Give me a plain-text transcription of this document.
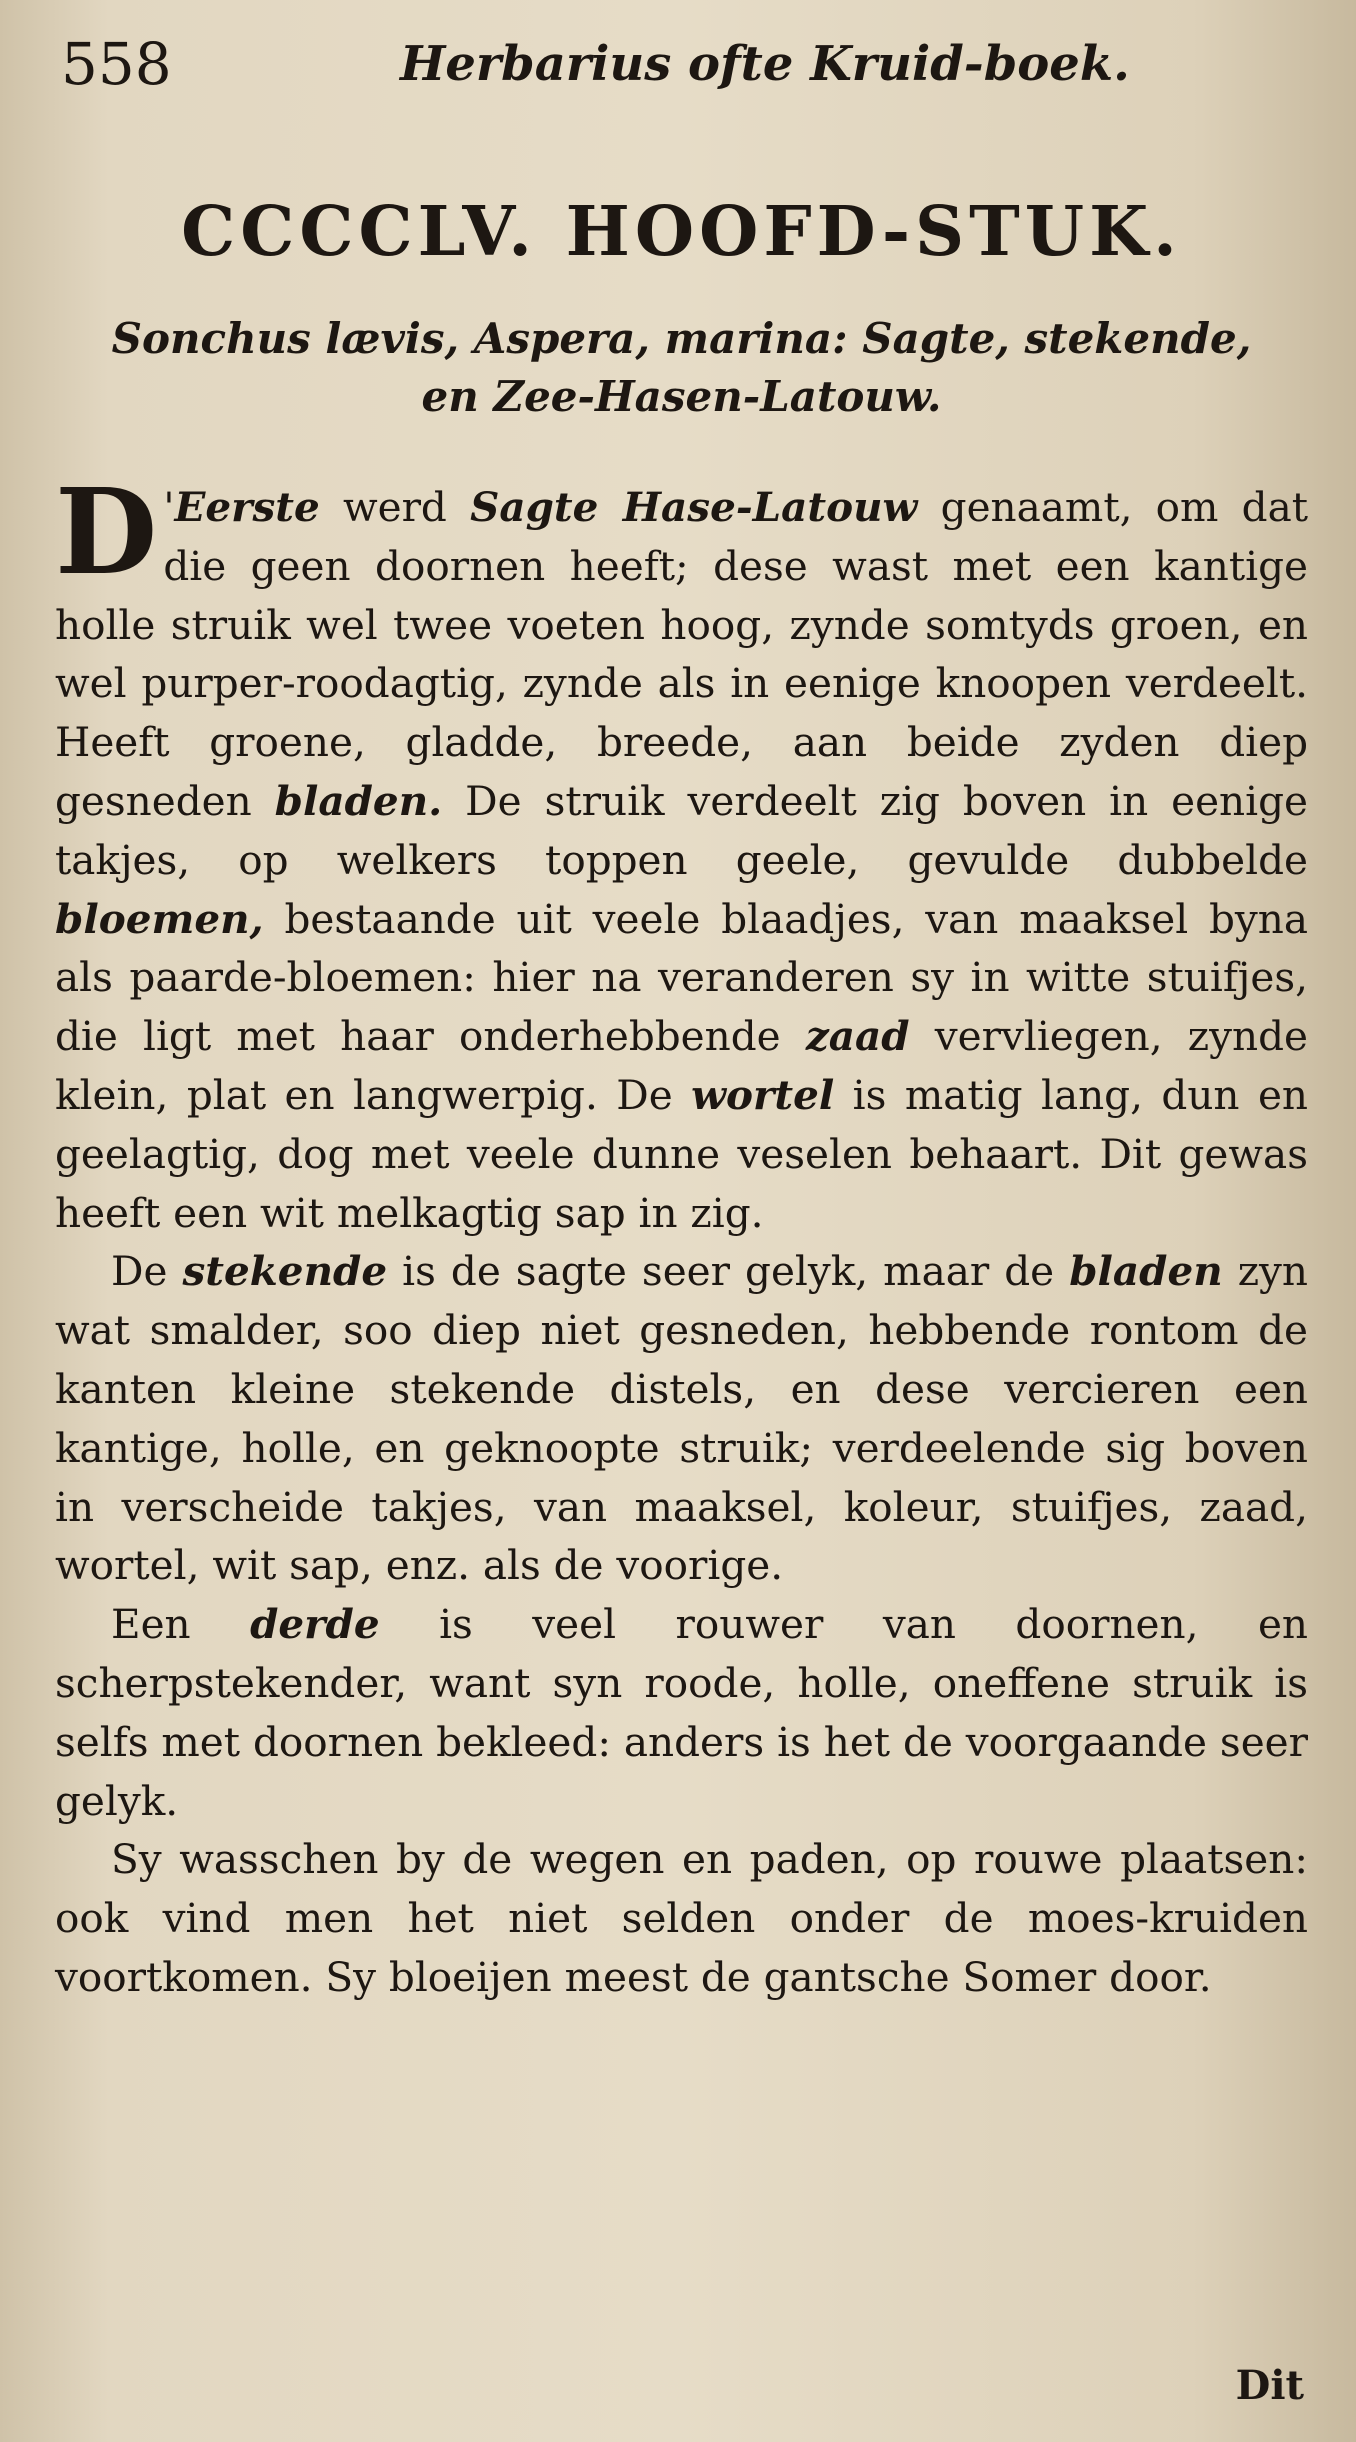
558	Herbarius ofte Kruid-boek.
CCCCLV. HOOFD-STUK.

Sonchus lævis, Aspera, marina: Sagte, stekende,

en Zee-Hasen-Latouw.

D 'Eerste werd Sagte Hase-Latouw genaamt, om dat die geen doornen heeft; dese wast met een kantige holle struik wel twee voeten hoog, zynde somtyds groen, en wel purper-roodagtig, zynde als in eenige knoopen verdeelt. Heeft groene, gladde, breede, aan beide zyden diep gesneden bladen. De struik verdeelt zig boven in eenige takjes, op welkers toppen geele, gevulde dubbelde bloemen, bestaande uit veele blaadjes, van maaksel byna als paarde-bloemen: hier na veranderen sy in witte stuifjes, die ligt met haar onderhebbende zaad vervliegen, zynde klein, plat en langwerpig. De wortel is matig lang, dun en geelagtig, dog met veele dunne veselen behaart. Dit gewas heeft een wit melkagtig sap in zig.

De stekende is de sagte seer gelyk, maar de bladen zyn wat smalder, soo diep niet gesneden, hebbende rontom de kanten kleine stekende distels, en dese vercieren een kantige, holle, en geknoopte struik; verdeelende sig boven in verscheide takjes, van maaksel, koleur, stuifjes, zaad, wortel, wit sap, enz. als de voorige.

Een derde is veel rouwer van doornen, en scherpstekender, want syn roode, holle, oneffene struik is selfs met doornen bekleed: anders is het de voorgaande seer gelyk.

Sy wasschen by de wegen en paden, op rouwe plaatsen: ook vind men het niet selden onder de moes-kruiden voortkomen. Sy bloeijen meest de gantsche Somer door.

Dit
